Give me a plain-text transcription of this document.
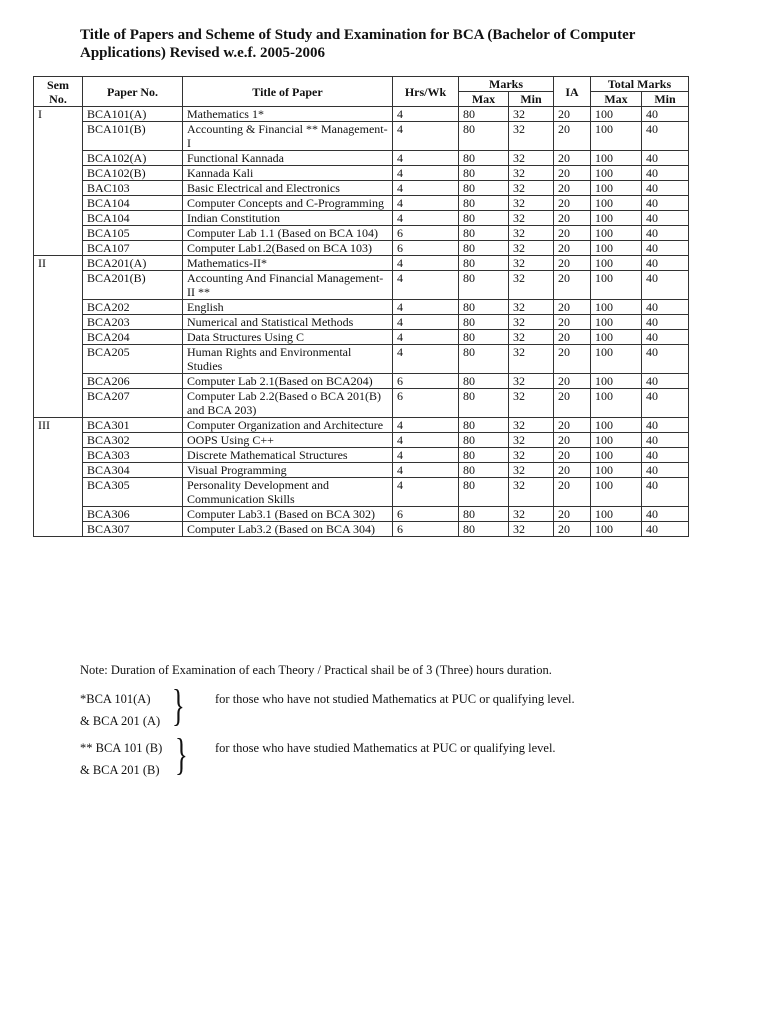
Title of Papers and Scheme of Study and Examination for BCA (Bachelor of Computer Applications) Revised w.e.f. 2005-2006
Sem No.	Paper No.	Title of Paper	Hrs/Wk	Marks		IA	Total Marks	
				Max	Min		Max	Min
I	BCA101(A)	Mathematics 1*	4	80	32	20	100	40
	BCA101(B)	Accounting & Financial ** Management-I	4	80	32	20	100	40
	BCA102(A)	Functional Kannada	4	80	32	20	100	40
	BCA102(B)	Kannada Kali	4	80	32	20	100	40
	BAC103	Basic Electrical and Electronics	4	80	32	20	100	40
	BCA104	Computer Concepts and C-Programming	4	80	32	20	100	40
	BCA104	Indian Constitution	4	80	32	20	100	40
	BCA105	Computer Lab 1.1 (Based on BCA 104)	6	80	32	20	100	40
	BCA107	Computer Lab1.2(Based on BCA 103)	6	80	32	20	100	40
II	BCA201(A)	Mathematics-II*	4	80	32	20	100	40
	BCA201(B)	Accounting And Financial Management-II **	4	80	32	20	100	40
	BCA202	English	4	80	32	20	100	40
	BCA203	Numerical and Statistical Methods	4	80	32	20	100	40
	BCA204	Data Structures Using C	4	80	32	20	100	40
	BCA205	Human Rights and Environmental Studies	4	80	32	20	100	40
	BCA206	Computer Lab 2.1(Based on BCA204)	6	80	32	20	100	40
	BCA207	Computer Lab 2.2(Based o BCA 201(B) and BCA 203)	6	80	32	20	100	40
III	BCA301	Computer Organization and Architecture	4	80	32	20	100	40
	BCA302	OOPS Using C++	4	80	32	20	100	40
	BCA303	Discrete Mathematical Structures	4	80	32	20	100	40
	BCA304	Visual Programming	4	80	32	20	100	40
	BCA305	Personality Development and Communication Skills	4	80	32	20	100	40
	BCA306	Computer Lab3.1 (Based on BCA 302)	6	80	32	20	100	40
	BCA307	Computer Lab3.2 (Based on BCA 304)	6	80	32	20	100	40

Note: Duration of Examination of each Theory / Practical shail be of 3 (Three) hours duration.

*BCA 101(A)
& BCA 201 (A) } for those who have not studied Mathematics at PUC or qualifying level.
** BCA 101 (B)
& BCA 201 (B) } for those who have studied Mathematics at PUC or qualifying level.
